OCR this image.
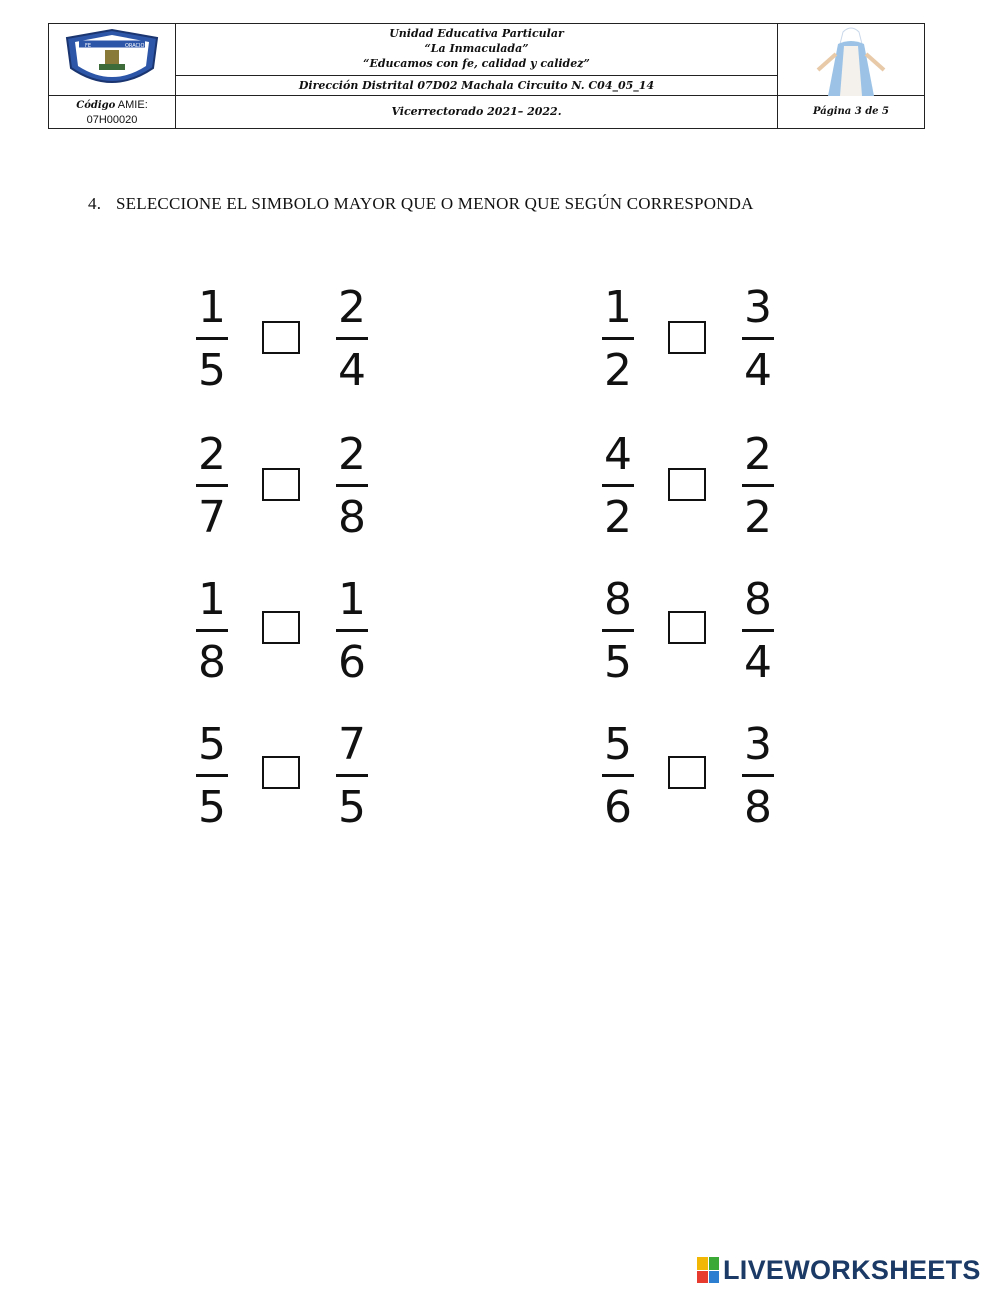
FE	ORACION
Código AMIE:
07H00020
Unidad Educativa Particular
“La Inmaculada”
“Educamos con fe, calidad y calidez”
Dirección Distrital 07D02 Machala Circuito N. C04_05_14
Vicerrectorado 2021– 2022.	Página 3 de 5
4. SELECCIONE EL SIMBOLO MAYOR QUE O MENOR QUE SEGÚN CORRESPONDA
1
5
2
4
1
2
3
4
2
7
2
8
4
2
2
2
1
8
1
6
8
5
8
4
5
5
7
5
5
6
3
8
LIVEWORKSHEETS
